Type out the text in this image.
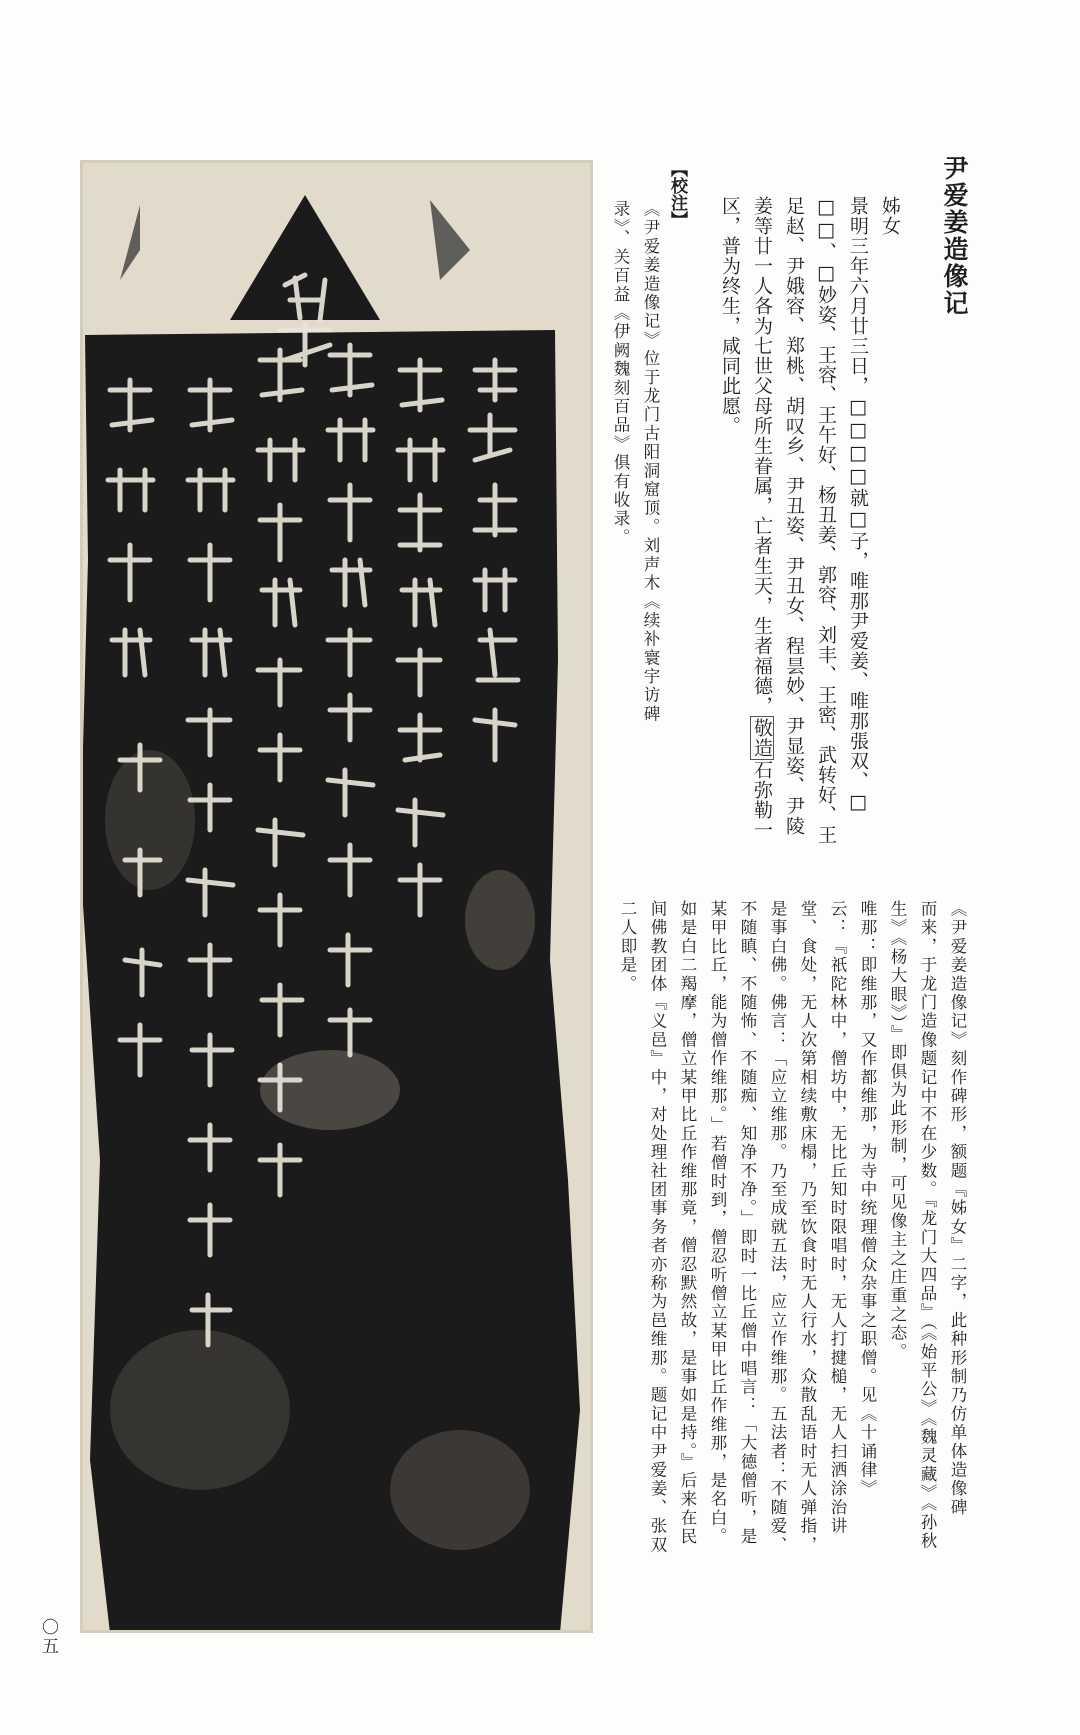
尹爱姜造像记
姊女
景明三年六月廿三日，□□□□就□子，唯那尹爱姜、唯那張双、□
□□、□妙姿、王容、王午好、杨丑姜、郭容、刘丰、王密、武转好、王
足赵、尹娥容、郑桃、胡叹乡、尹丑姿、尹丑女、程昙妙、尹显姿、尹陵
姜等廿一人各为七世父母所生眷属，亡者生天，生者福德，敬造石弥勒一
区，普为终生，咸同此愿。
【校注】
《尹爱姜造像记》位于龙门古阳洞窟顶。刘声木《续补寰宇访碑
录》、关百益《伊阙魏刻百品》俱有收录。
《尹爱姜造像记》刻作碑形，额题『姊女』二字，此种形制乃仿单体造像碑
而来，于龙门造像题记中不在少数。『龙门大四品』（《始平公》《魏灵藏》《孙秋
生》《杨大眼》）』即俱为此形制，可见像主之庄重之态。
唯那：即维那，又作都维那，为寺中统理僧众杂事之职僧。见《十诵律》
云：『祇陀林中，僧坊中，无比丘知时限唱时，无人打揵槌，无人扫洒涂治讲
堂、食处，无人次第相续敷床榻，乃至饮食时无人行水，众散乱语时无人弹指，
是事白佛。佛言：「应立维那。乃至成就五法，应立作维那。五法者：不随爱、
不随瞋、不随怖、不随痴、知净不净。」即时一比丘僧中唱言：「大德僧听，是
某甲比丘，能为僧作维那。」若僧时到，僧忍听僧立某甲比丘作维那，是名白。
如是白二羯摩，僧立某甲比丘作维那竟，僧忍默然故，是事如是持。』后来在民
间佛教团体『义邑』中，对处理社团事务者亦称为邑维那。题记中尹爱姜、张双
二人即是。
〇五
